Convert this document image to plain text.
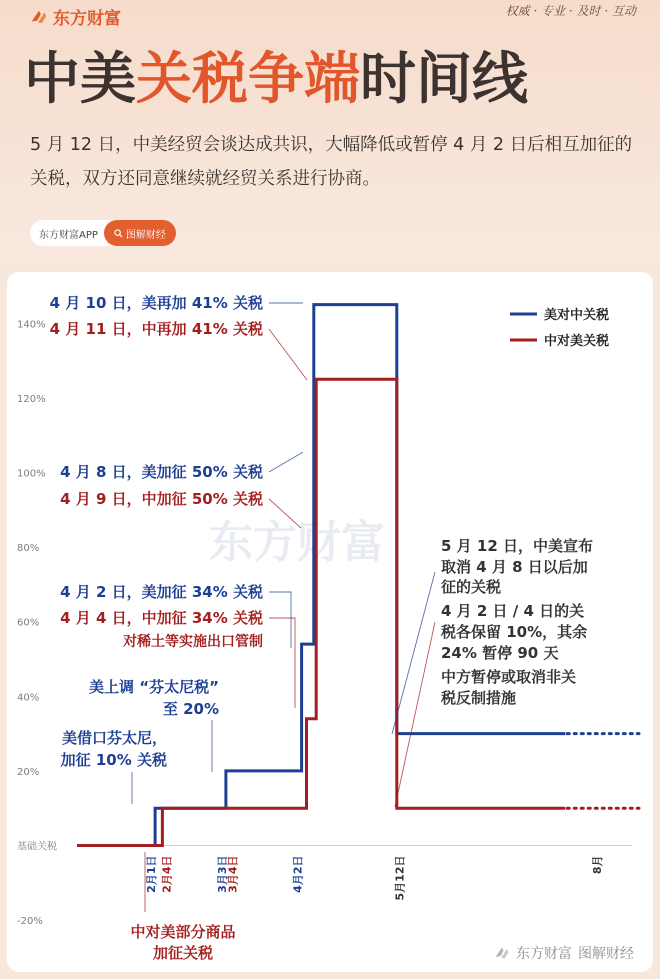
东方财富	权威 · 专业 · 及时 · 互动
中美关税争端时间线
5 月 12 日，中美经贸会谈达成共识，大幅降低或暂停 4 月 2 日后相互加征的关税，双方还同意继续就经贸关系进行协商。
东方财富APP	图解财经
东方财富
140%
120%
100%
80%
60%
40%
20%
基础关税
-20%
2月1日 2月4日	3月3日
3月4日	4月2日	5月12日	8月
4 月 10 日，美再加 41% 关税
4 月 11 日，中再加 41% 关税
4 月 8 日，美加征 50% 关税
4 月 9 日，中加征 50% 关税
4 月 2 日，美加征 34% 关税
4 月 4 日，中加征 34% 关税
对稀土等实施出口管制
美上调 “芬太尼税”
至 20%
美借口芬太尼，
加征 10% 关税
中对美部分商品
加征关税
5 月 12 日，中美宣布
取消 4 月 8 日以后加
征的关税
4 月 2 日 / 4 日的关
税各保留 10%，其余
24% 暂停 90 天
中方暂停或取消非关
税反制措施
美对中关税
中对美关税
东方财富 图解财经
